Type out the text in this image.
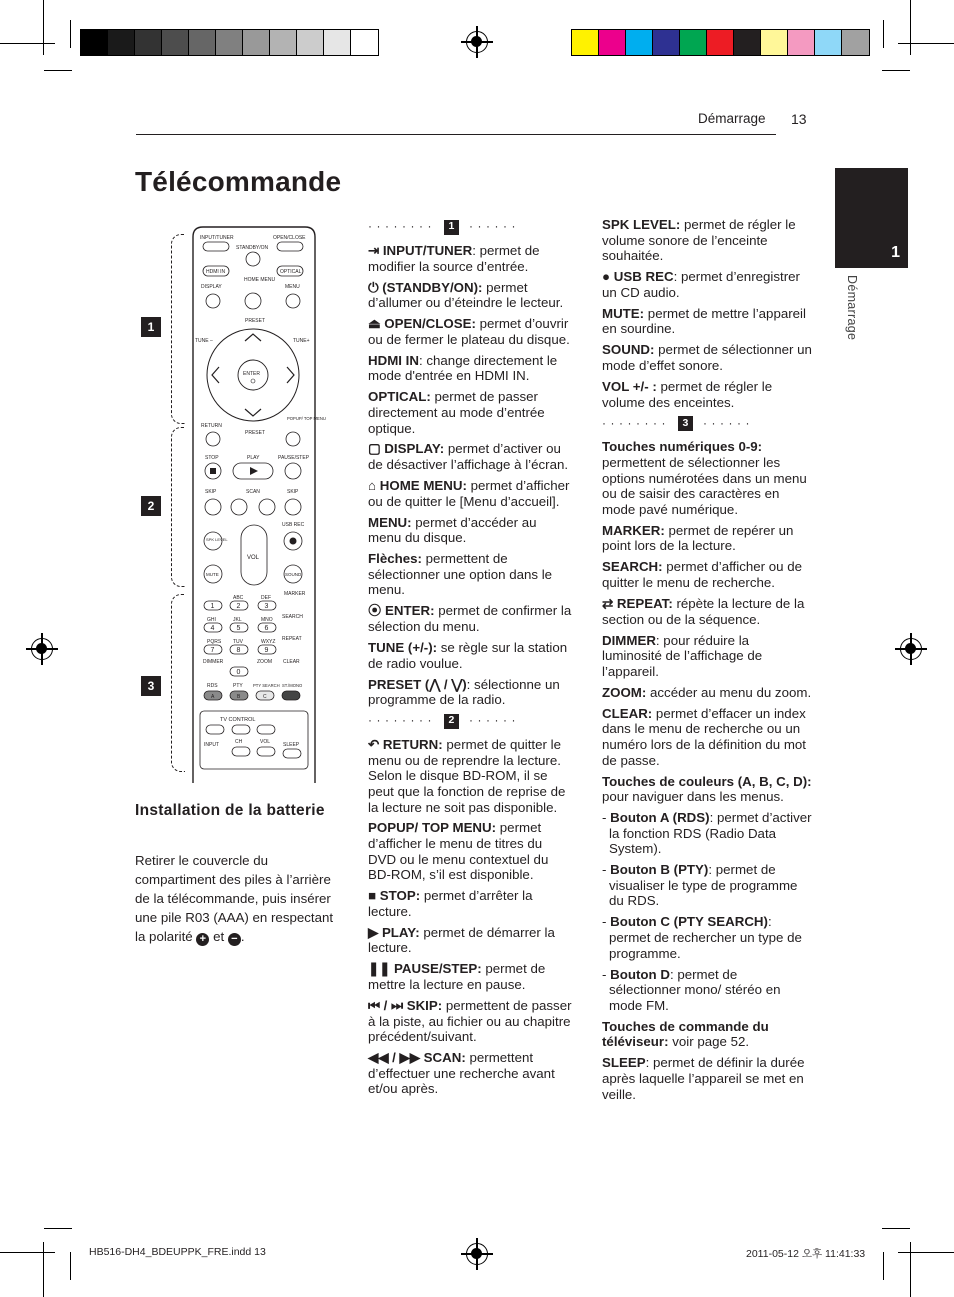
Démarrage 13
Télécommande
1
Démarrage
1
2
3
INPUT/TUNER	OPEN/CLOSE
STANDBY/ON
HDMI IN	OPTICAL
HOME MENU
DISPLAY	MENU
PRESET
TUNE –	TUNE+
ENTER
RETURN
PRESET
POPUP/ TOP MENU
STOP	PLAY	PAUSE/STEP
SKIP	SCAN	SKIP
USB REC
SPK LEVEL
VOL
MUTE	SOUND
MARKER
SEARCH
REPEAT
DIMMER	ZOOM CLEAR
RDS	PTY PTY SEARCH ST./MONO
TV CONTROL
INPUT	CH	VOL	SLEEP
1	2
ABC
3
DEF
4
GHI
5
JKL
6
MNO
7
PQRS
8
TUV
9
WXYZ
0
A	B	C
Installation de la batterie
Retirer le couvercle du compartiment des piles à l’arrière de la télécommande, puis insérer une pile R03 (AAA) en respectant la polarité + et − .
········	1	······

⇥ INPUT/TUNER: permet de modifier la source d’entrée.

⏻ (STANDBY/ON): permet d’allumer ou d’éteindre le lecteur.

⏏ OPEN/CLOSE: permet d’ouvrir ou de fermer le plateau du disque.

HDMI IN: change directement le mode d'entrée en HDMI IN.

OPTICAL: permet de passer directement au mode d’entrée optique.

▢ DISPLAY: permet d’activer ou de désactiver l’affichage à l’écran.

⌂ HOME MENU: permet d’afficher ou de quitter le [Menu d’accueil].

MENU: permet d’accéder au menu du disque.

Flèches: permettent de sélectionner une option dans le menu.

⦿ ENTER: permet de confirmer la sélection du menu.

TUNE (+/-): se règle sur la station de radio voulue.

PRESET (⋀ / ⋁): sélectionne un programme de la radio.

········	2	······

↶ RETURN: permet de quitter le menu ou de reprendre la lecture. Selon le disque BD-ROM, il se peut que la fonction de reprise de la lecture ne soit pas disponible.

POPUP/ TOP MENU: permet d’afficher le menu de titres du DVD ou le menu contextuel du BD-ROM, s’il est disponible.

■ STOP: permet d’arrêter la lecture.

▶ PLAY: permet de démarrer la lecture.

❚❚ PAUSE/STEP: permet de mettre la lecture en pause.

⏮ / ⏭ SKIP: permettent de passer à la piste, au fichier ou au chapitre précédent/suivant.

◀◀ / ▶▶ SCAN: permettent d’effectuer une recherche avant et/ou après.

SPK LEVEL: permet de régler le volume sonore de l’enceinte souhaitée.

● USB REC: permet d’enregistrer un CD audio.

MUTE: permet de mettre l’appareil en sourdine.

SOUND: permet de sélectionner un mode d’effet sonore.

VOL +/- : permet de régler le volume des enceintes.

········	3	······

Touches numériques 0-9: permettent de sélectionner les options numérotées dans un menu ou de saisir des caractères en mode pavé numérique.

MARKER: permet de repérer un point lors de la lecture.

SEARCH: permet d’afficher ou de quitter le menu de recherche.

⇄ REPEAT: répète la lecture de la section ou de la séquence.

DIMMER: pour réduire la luminosité de l’affichage de l’appareil.

ZOOM: accéder au menu du zoom.

CLEAR: permet d’effacer un index dans le menu de recherche ou un numéro lors de la définition du mot de passe.

Touches de couleurs (A, B, C, D): pour naviguer dans les menus.

- Bouton A (RDS): permet d’activer la fonction RDS (Radio Data System).

- Bouton B (PTY): permet de visualiser le type de programme du RDS.

- Bouton C (PTY SEARCH): permet de rechercher un type de programme.

- Bouton D: permet de sélectionner mono/ stéréo en mode FM.

Touches de commande du téléviseur: voir page 52.

SLEEP: permet de définir la durée après laquelle l’appareil se met en veille.

HB516-DH4_BDEUPPK_FRE.indd 13	2011-05-12 오후 11:41:33
